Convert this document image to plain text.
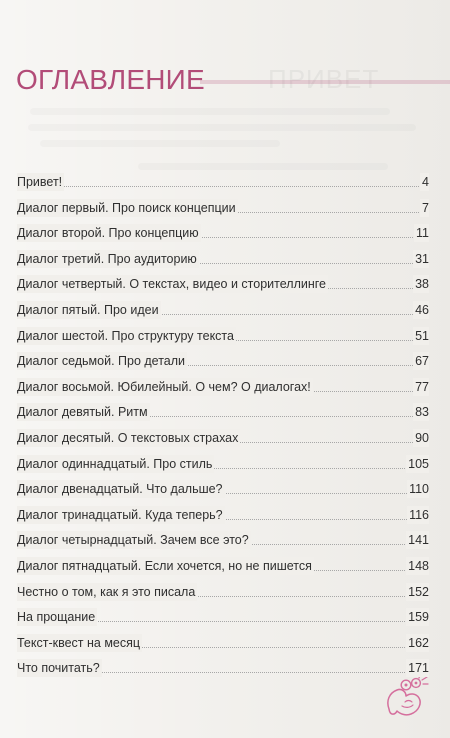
ПРИВЕТ
ОГЛАВЛЕНИЕ
Привет!	4
Диалог первый. Про поиск концепции	7
Диалог второй. Про концепцию	11
Диалог третий. Про аудиторию	31
Диалог четвертый. О текстах, видео и сторителлинге	38
Диалог пятый. Про идеи	46
Диалог шестой. Про структуру текста	51
Диалог седьмой. Про детали	67
Диалог восьмой. Юбилейный. О чем? О диалогах!	77
Диалог девятый. Ритм	83
Диалог десятый. О текстовых страхах	90
Диалог одиннадцатый. Про стиль	105
Диалог двенадцатый. Что дальше?	110
Диалог тринадцатый. Куда теперь?	116
Диалог четырнадцатый. Зачем все это?	141
Диалог пятнадцатый. Если хочется, но не пишется	148
Честно о том, как я это писала	152
На прощание	159
Текст-квест на месяц	162
Что почитать?	171
